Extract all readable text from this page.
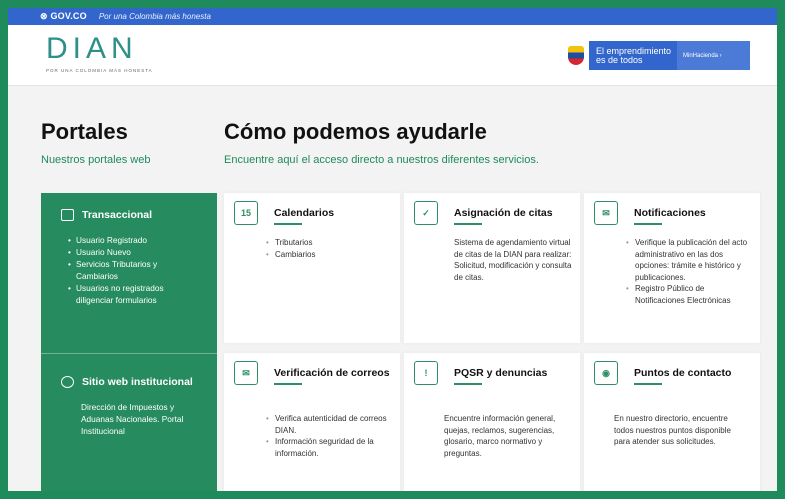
⊗ GOV.CO Por una Colombia más honesta
DIAN
POR UNA COLOMBIA MÁS HONESTA
El emprendimiento es de todos	MinHacienda ›
Portales
Nuestros portales web
Cómo podemos ayudarle
Encuentre aquí el acceso directo a nuestros diferentes servicios.
Transaccional
• Usuario Registrado
• Usuario Nuevo
• Servicios Tributarios y Cambiarios
• Usuarios no registrados diligenciar formularios
Sitio web institucional
Dirección de Impuestos y Aduanas Nacionales. Portal Institucional
15	Calendarios
• Tributarios
• Cambiarios
✓	Asignación de citas
Sistema de agendamiento virtual de citas de la DIAN para realizar: Solicitud, modificación y consulta de citas.
✉	Notificaciones
• Verifique la publicación del acto administrativo en las dos opciones: trámite e histórico y publicaciones.
• Registro Público de Notificaciones Electrónicas
✉	Verificación de correos
• Verifica autenticidad de correos DIAN.
• Información seguridad de la información.
!	PQSR y denuncias
Encuentre información general, quejas, reclamos, sugerencias, glosario, marco normativo y preguntas.
◉	Puntos de contacto
En nuestro directorio, encuentre todos nuestros puntos disponible para atender sus solicitudes.
